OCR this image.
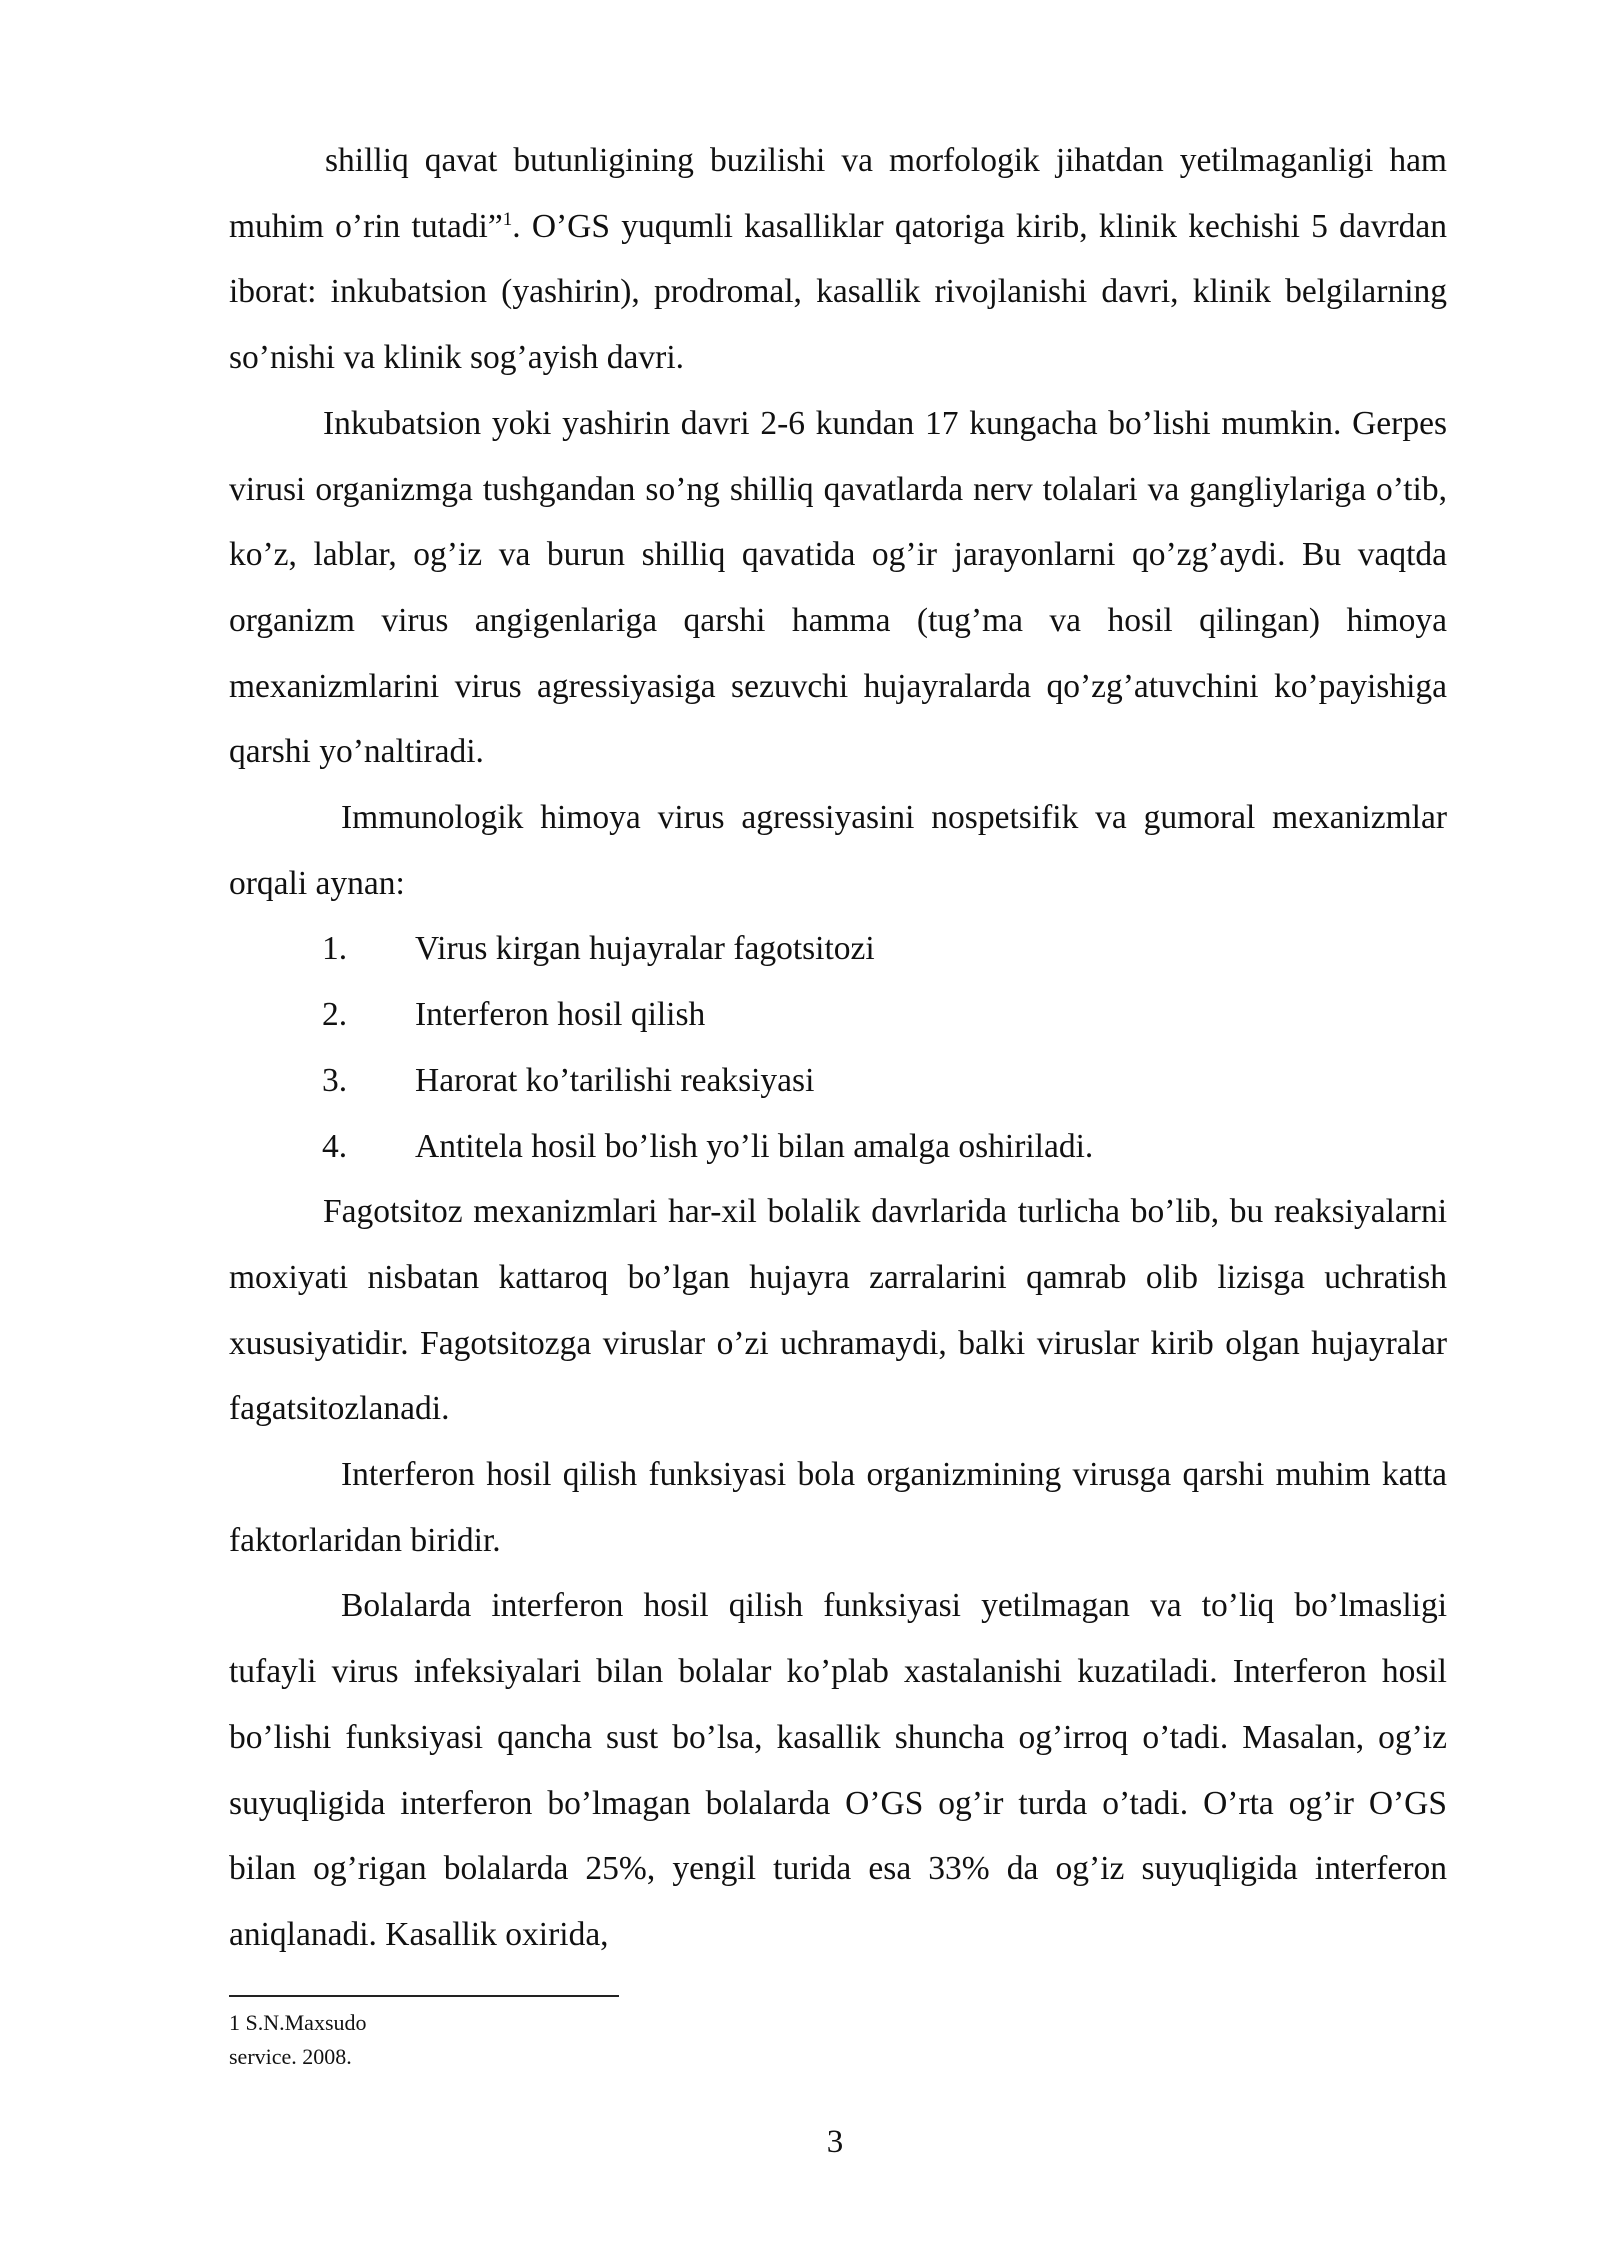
shilliq qavat butunligining buzilishi va morfologik jihatdan yetilmaganligi ham muhim o’rin tutadi”$^1$. O’GS yuqumli kasalliklar qatoriga kirib, klinik kechishi 5 davrdan iborat: inkubatsion (yashirin), prodromal, kasallik rivojlanishi davri, klinik belgilarning so’nishi va klinik sog’ayish davri.

Inkubatsion yoki yashirin davri 2-6 kundan 17 kungacha bo’lishi mumkin. Gerpes virusi organizmga tushgandan so’ng shilliq qavatlarda nerv tolalari va gangliylariga o’tib, ko’z, lablar, og’iz va burun shilliq qavatida og’ir jarayonlarni qo’zg’aydi. Bu vaqtda organizm virus angigenlariga qarshi hamma (tug’ma va hosil qilingan) himoya mexanizmlarini virus agressiyasiga sezuvchi hujayralarda qo’zg’atuvchini ko’payishiga qarshi yo’naltiradi.

Immunologik himoya virus agressiyasini nospetsifik va gumoral mexanizmlar orqali aynan:

1.	Virus kirgan hujayralar fagotsitozi
2.	Interferon hosil qilish
3.	Harorat ko’tarilishi reaksiyasi
4.	Antitela hosil bo’lish yo’li bilan amalga oshiriladi.

Fagotsitoz mexanizmlari har-xil bolalik davrlarida turlicha bo’lib, bu reaksiyalarni moxiyati nisbatan kattaroq bo’lgan hujayra zarralarini qamrab olib lizisga uchratish xususiyatidir. Fagotsitozga viruslar o’zi uchramaydi, balki viruslar kirib olgan hujayralar fagatsitozlanadi.

Interferon hosil qilish funksiyasi bola organizmining virusga qarshi muhim katta faktorlaridan biridir.

Bolalarda interferon hosil qilish funksiyasi yetilmagan va to’liq bo’lmasligi tufayli virus infeksiyalari bilan bolalar ko’plab xastalanishi kuzatiladi. Interferon hosil bo’lishi funksiyasi qancha sust bo’lsa, kasallik shuncha og’irroq o’tadi. Masalan, og’iz suyuqligida interferon bo’lmagan bolalarda O’GS og’ir turda o’tadi. O’rta og’ir O’GS bilan og’rigan bolalarda 25%, yengil turida esa 33% da og’iz suyuqligida interferon aniqlanadi. Kasallik oxirida,

1 S.N.Maxsudo

service. 2008.

3
